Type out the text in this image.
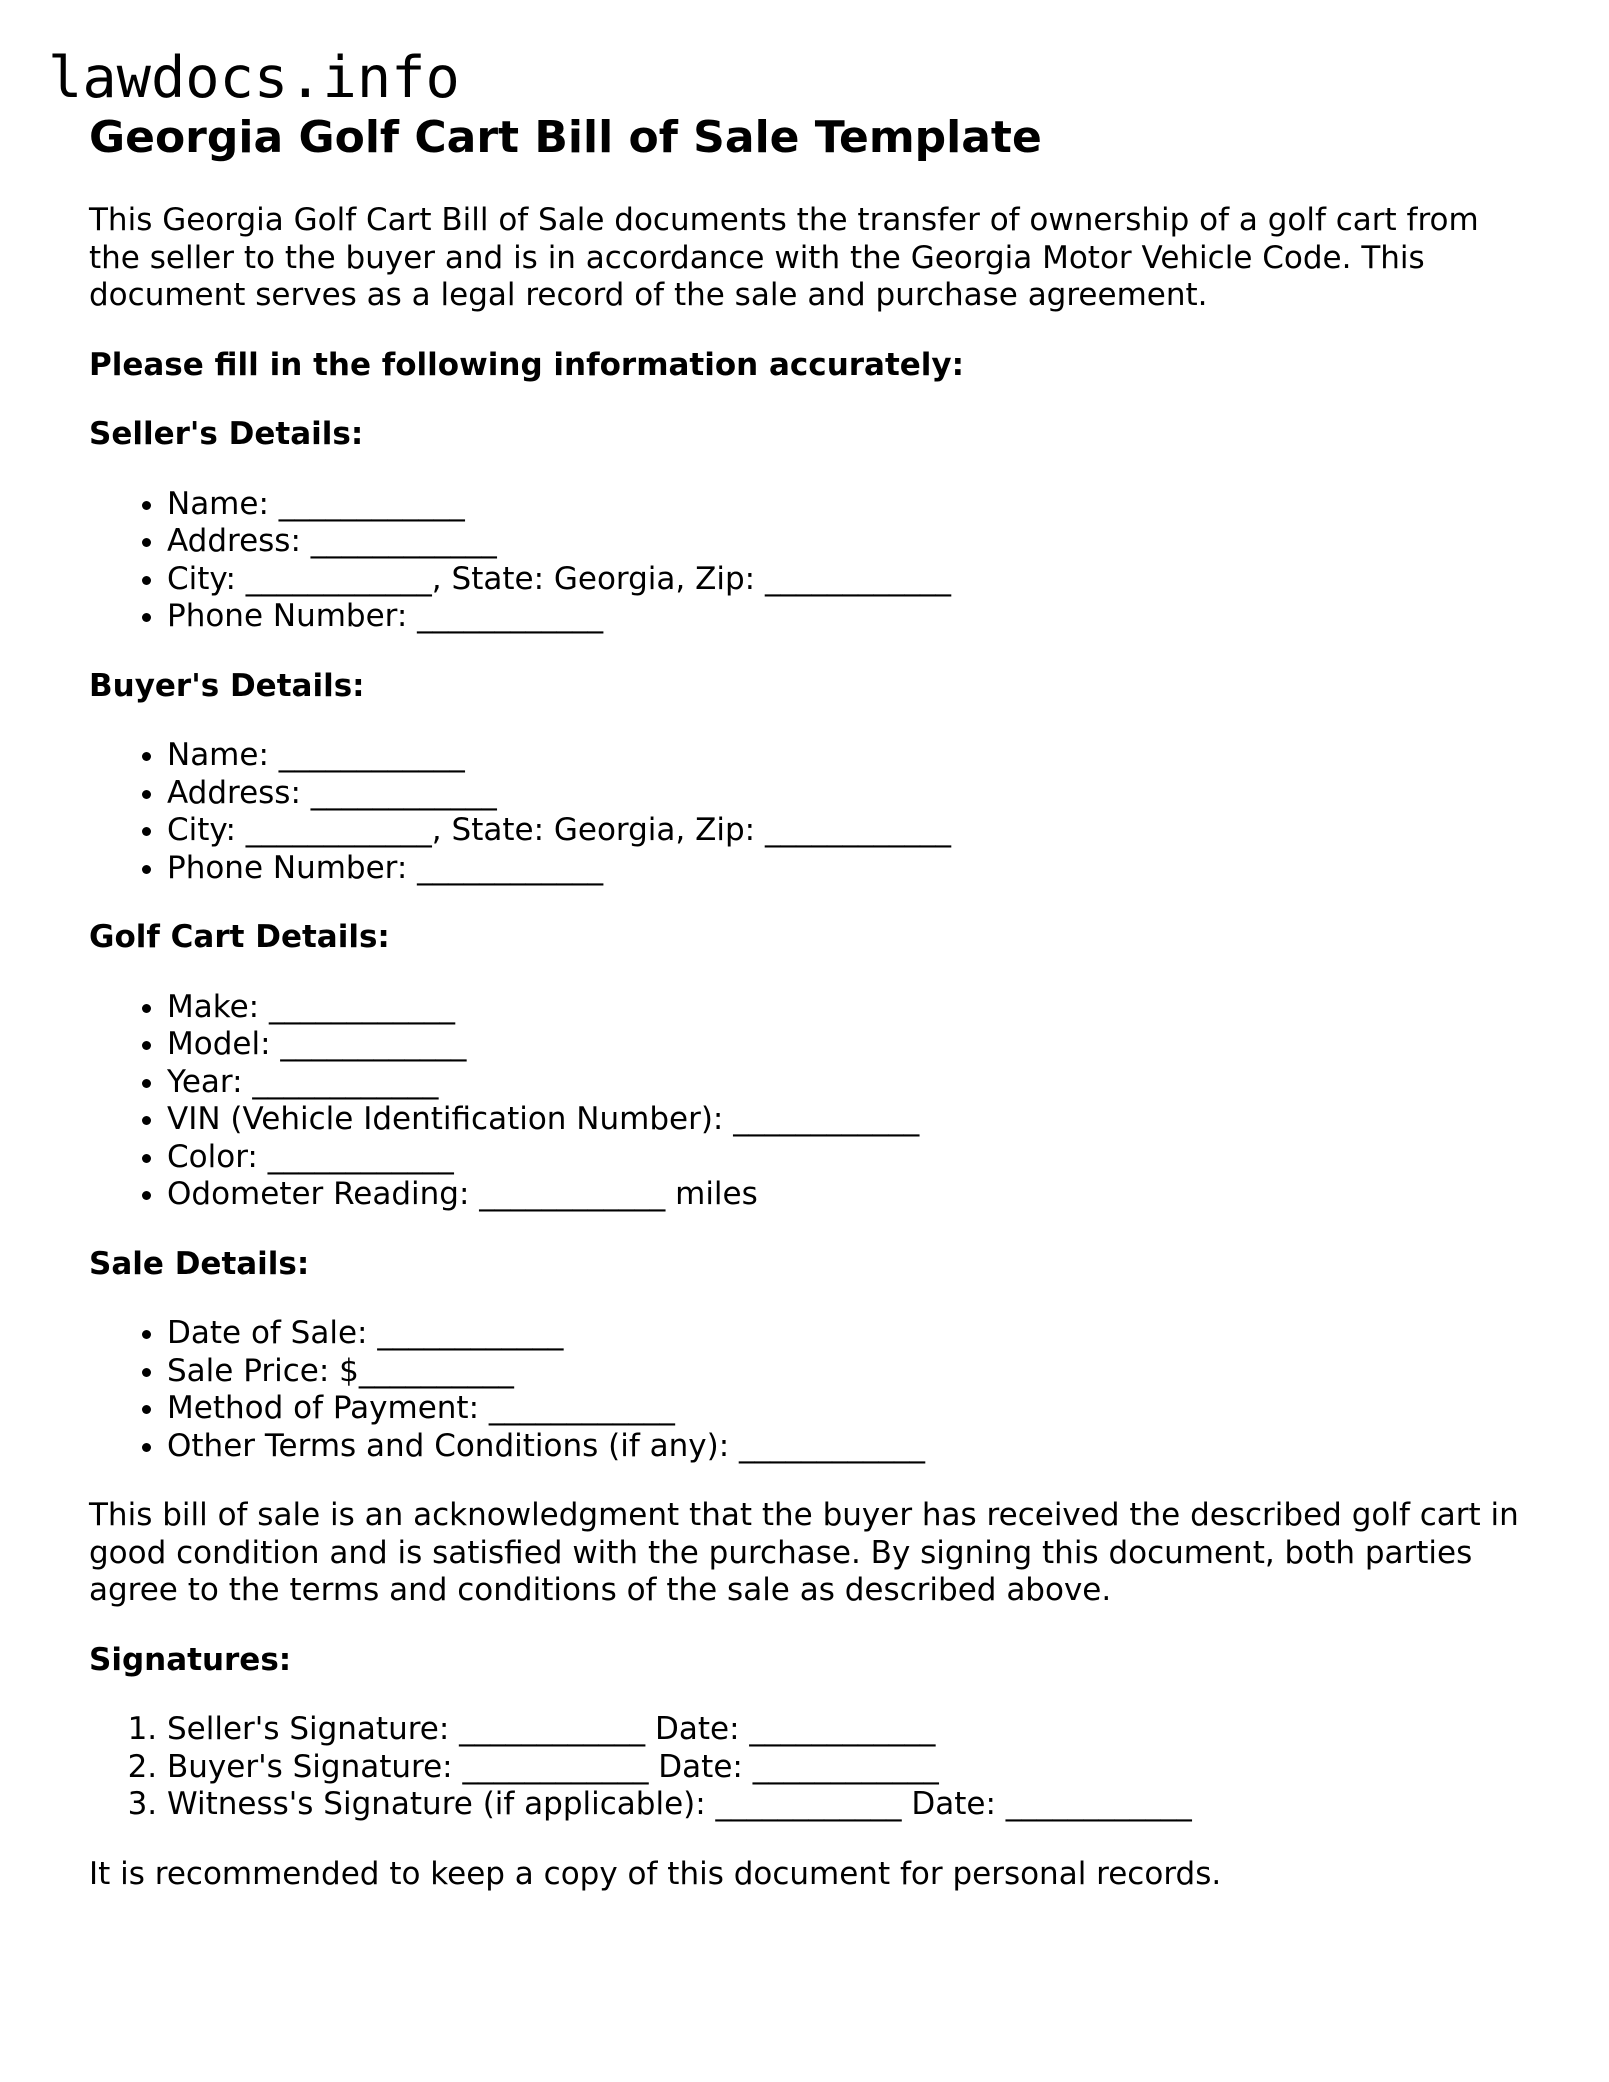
lawdocs.info
Georgia Golf Cart Bill of Sale Template

This Georgia Golf Cart Bill of Sale documents the transfer of ownership of a golf cart from the seller to the buyer and is in accordance with the Georgia Motor Vehicle Code. This document serves as a legal record of the sale and purchase agreement.

Please fill in the following information accurately:

Seller's Details:
• Name: ____________
• Address: ____________
• City: ____________, State: Georgia, Zip: ____________
• Phone Number: ____________
Buyer's Details:
• Name: ____________
• Address: ____________
• City: ____________, State: Georgia, Zip: ____________
• Phone Number: ____________
Golf Cart Details:
• Make: ____________
• Model: ____________
• Year: ____________
• VIN (Vehicle Identification Number): ____________
• Color: ____________
• Odometer Reading: ____________ miles
Sale Details:
• Date of Sale: ____________
• Sale Price: $__________
• Method of Payment: ____________
• Other Terms and Conditions (if any): ____________

This bill of sale is an acknowledgment that the buyer has received the described golf cart in good condition and is satisfied with the purchase. By signing this document, both parties agree to the terms and conditions of the sale as described above.

Signatures:
1. Seller's Signature: ____________ Date: ____________
2. Buyer's Signature: ____________ Date: ____________
3. Witness's Signature (if applicable): ____________ Date: ____________

It is recommended to keep a copy of this document for personal records.
